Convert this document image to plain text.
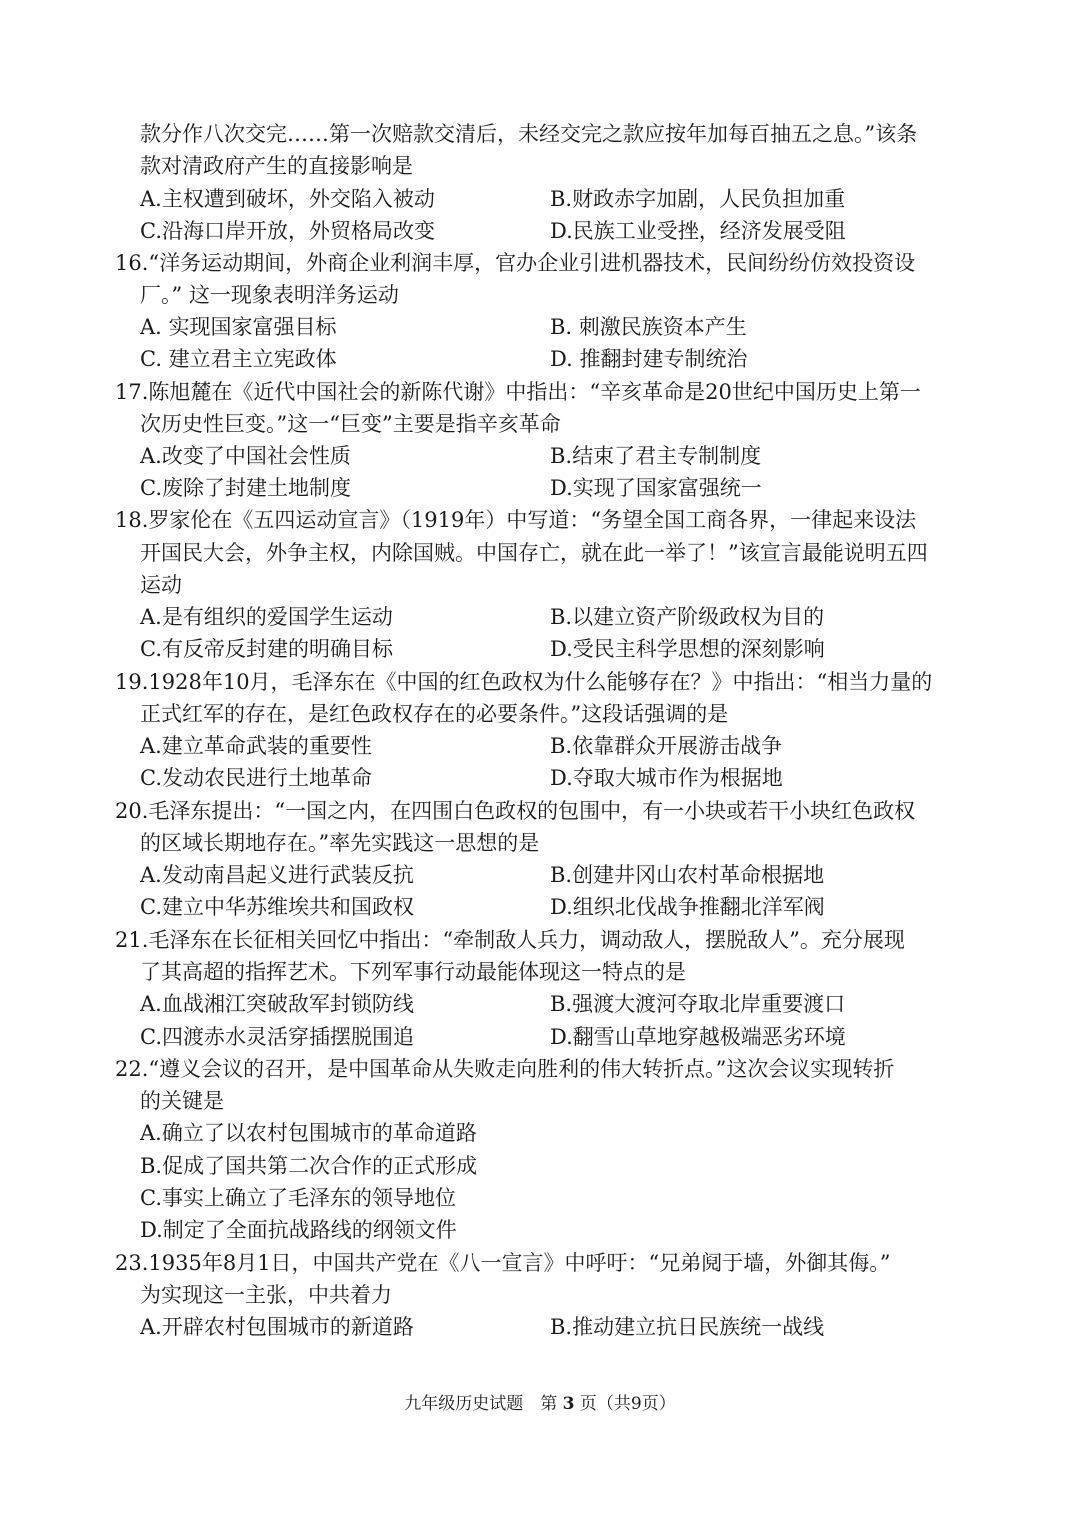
款分作八次交完……第一次赔款交清后，未经交完之款应按年加每百抽五之息。”该条
款对清政府产生的直接影响是
A.主权遭到破坏，外交陷入被动	B.财政赤字加剧，人民负担加重
C.沿海口岸开放，外贸格局改变	D.民族工业受挫，经济发展受阻
16.“洋务运动期间，外商企业利润丰厚，官办企业引进机器技术，民间纷纷仿效投资设
厂。” 这一现象表明洋务运动
A. 实现国家富强目标	B. 刺激民族资本产生
C. 建立君主立宪政体	D. 推翻封建专制统治
17.陈旭麓在《近代中国社会的新陈代谢》中指出：“辛亥革命是20世纪中国历史上第一
次历史性巨变。”这一“巨变”主要是指辛亥革命
A.改变了中国社会性质	B.结束了君主专制制度
C.废除了封建土地制度	D.实现了国家富强统一
18.罗家伦在《五四运动宣言》（1919年）中写道：“务望全国工商各界，一律起来设法
开国民大会，外争主权，内除国贼。中国存亡，就在此一举了！”该宣言最能说明五四
运动
A.是有组织的爱国学生运动	B.以建立资产阶级政权为目的
C.有反帝反封建的明确目标	D.受民主科学思想的深刻影响
19.1928年10月，毛泽东在《中国的红色政权为什么能够存在？》中指出：“相当力量的
正式红军的存在，是红色政权存在的必要条件。”这段话强调的是
A.建立革命武装的重要性	B.依靠群众开展游击战争
C.发动农民进行土地革命	D.夺取大城市作为根据地
20.毛泽东提出：“一国之内，在四围白色政权的包围中，有一小块或若干小块红色政权
的区域长期地存在。”率先实践这一思想的是
A.发动南昌起义进行武装反抗	B.创建井冈山农村革命根据地
C.建立中华苏维埃共和国政权	D.组织北伐战争推翻北洋军阀
21.毛泽东在长征相关回忆中指出：“牵制敌人兵力，调动敌人，摆脱敌人”。充分展现
了其高超的指挥艺术。下列军事行动最能体现这一特点的是
A.血战湘江突破敌军封锁防线	B.强渡大渡河夺取北岸重要渡口
C.四渡赤水灵活穿插摆脱围追	D.翻雪山草地穿越极端恶劣环境
22.“遵义会议的召开，是中国革命从失败走向胜利的伟大转折点。”这次会议实现转折
的关键是
A.确立了以农村包围城市的革命道路
B.促成了国共第二次合作的正式形成
C.事实上确立了毛泽东的领导地位
D.制定了全面抗战路线的纲领文件
23.1935年8月1日，中国共产党在《八一宣言》中呼吁：“兄弟阋于墙，外御其侮。”
为实现这一主张，中共着力
A.开辟农村包围城市的新道路	B.推动建立抗日民族统一战线
九年级历史试题　第 3 页（共9页）
